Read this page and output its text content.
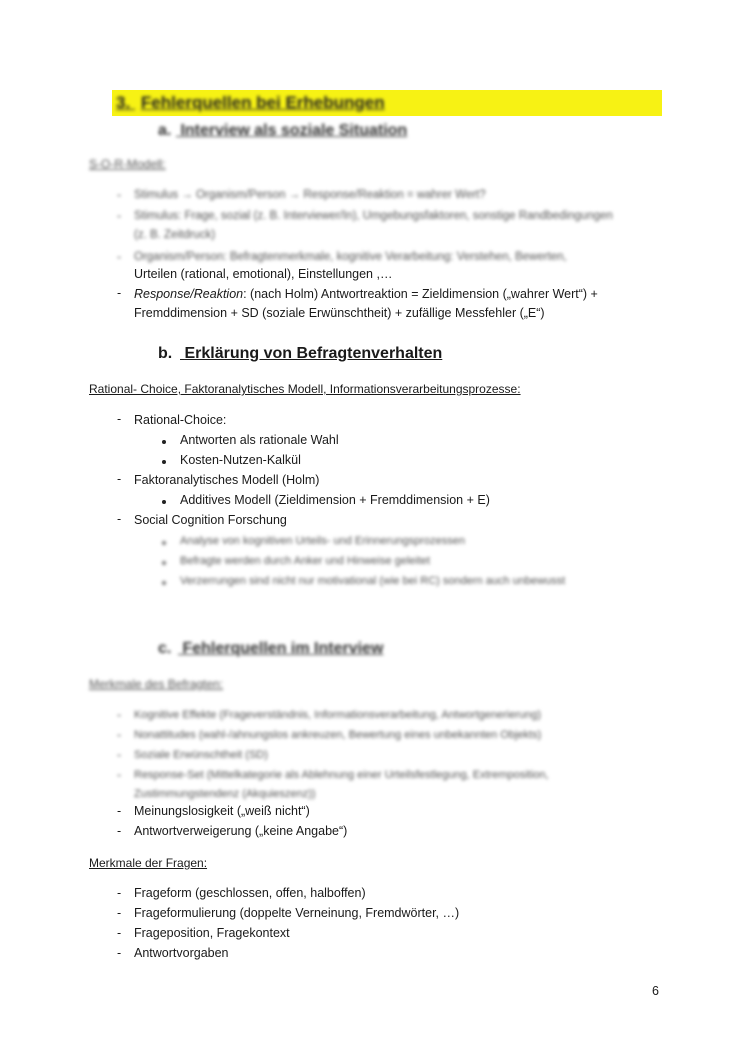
3. Fehlerquellen bei Erhebungen
a. Interview als soziale Situation
S-O-R-Modell:
- Stimulus → Organism/Person → Response/Reaktion = wahrer Wert?
- Stimulus: Frage, sozial (z. B. Interviewer/In), Umgebungsfaktoren, sonstige Randbedingungen
(z. B. Zeitdruck)
- Organism/Person: Befragtenmerkmale, kognitive Verarbeitung: Verstehen, Bewerten,
Urteilen (rational, emotional), Einstellungen ,…
- Response/Reaktion: (nach Holm) Antwortreaktion = Zieldimension („wahrer Wert“) +
Fremddimension + SD (soziale Erwünschtheit) + zufällige Messfehler („E“)
b. Erklärung von Befragtenverhalten
Rational- Choice, Faktoranalytisches Modell, Informationsverarbeitungsprozesse:
- Rational-Choice:
Antworten als rationale Wahl
Kosten-Nutzen-Kalkül
- Faktoranalytisches Modell (Holm)
Additives Modell (Zieldimension + Fremddimension + E)
- Social Cognition Forschung
Analyse von kognitiven Urteils- und Erinnerungsprozessen
Befragte werden durch Anker und Hinweise geleitet
Verzerrungen sind nicht nur motivational (wie bei RC) sondern auch unbewusst
c. Fehlerquellen im Interview
Merkmale des Befragten:
- Kognitive Effekte (Frageverständnis, Informationsverarbeitung, Antwortgenerierung)
- Nonattitudes (wahl-/ahnungslos ankreuzen, Bewertung eines unbekannten Objekts)
- Soziale Erwünschtheit (SD)
- Response-Set (Mittelkategorie als Ablehnung einer Urteilsfestlegung, Extremposition,
Zustimmungstendenz (Akquieszenz))
- Meinungslosigkeit („weiß nicht“)
- Antwortverweigerung („keine Angabe“)
Merkmale der Fragen:
- Frageform (geschlossen, offen, halboffen)
- Frageformulierung (doppelte Verneinung, Fremdwörter, …)
- Frageposition, Fragekontext
- Antwortvorgaben
6
